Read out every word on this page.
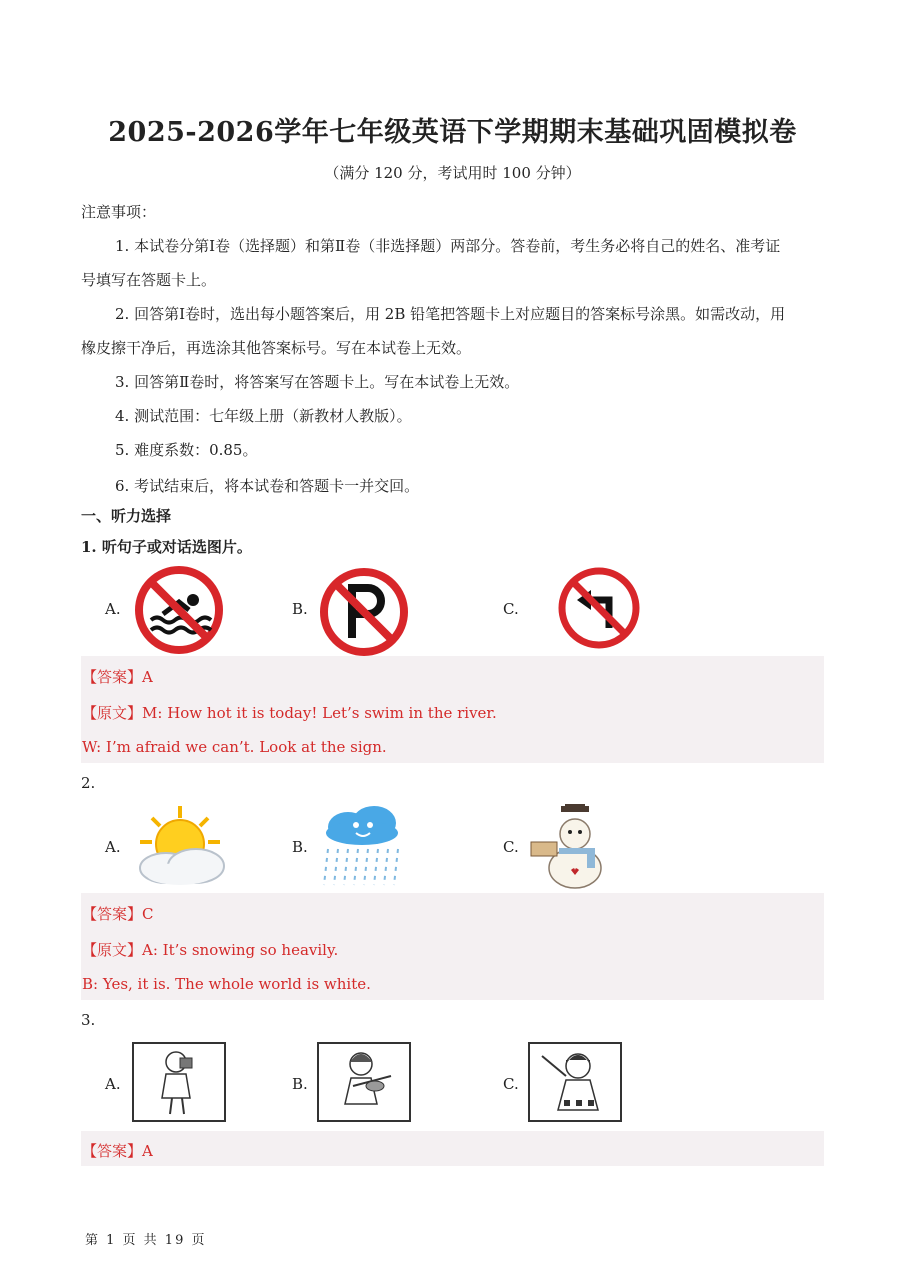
2025-2026学年七年级英语下学期期末基础巩固模拟卷
（满分 120 分，考试用时 100 分钟）
注意事项：
1. 本试卷分第Ⅰ卷（选择题）和第Ⅱ卷（非选择题）两部分。答卷前，考生务必将自己的姓名、准考证
号填写在答题卡上。
2. 回答第Ⅰ卷时，选出每小题答案后，用 2B 铅笔把答题卡上对应题目的答案标号涂黑。如需改动，用
橡皮擦干净后，再选涂其他答案标号。写在本试卷上无效。
3. 回答第Ⅱ卷时，将答案写在答题卡上。写在本试卷上无效。
4. 测试范围：七年级上册（新教材人教版）。
5. 难度系数：0.85。
6. 考试结束后，将本试卷和答题卡一并交回。
一、听力选择
1. 听句子或对话选图片。
A.	B.	C.
【答案】A
【原文】M: How hot it is today! Let’s swim in the river.
W: I’m afraid we can’t. Look at the sign.
2.
A.	B.	C.
【答案】C
【原文】A: It’s snowing so heavily.
B: Yes, it is. The whole world is white.
3.
A.	B.	C.
【答案】A
第 1 页 共 19 页
